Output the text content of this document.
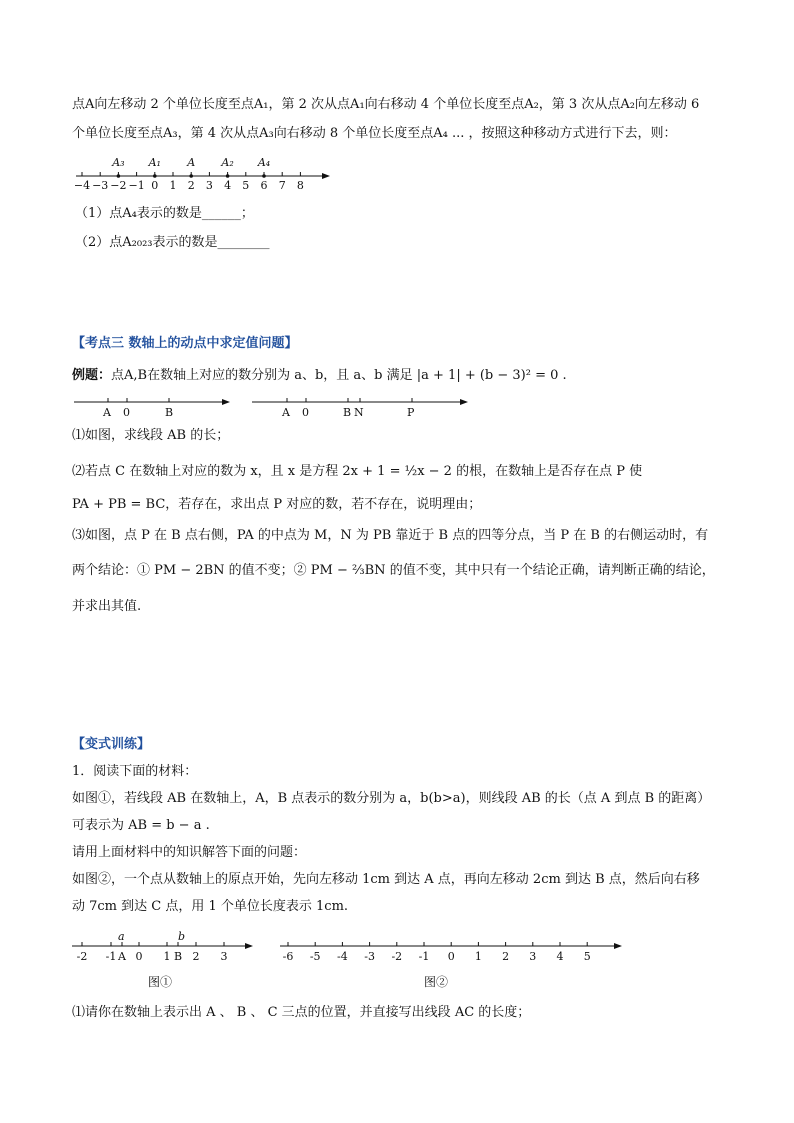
点A向左移动 2 个单位长度至点A₁，第 2 次从点A₁向右移动 4 个单位长度至点A₂，第 3 次从点A₂向左移动 6
个单位长度至点A₃，第 4 次从点A₃向右移动 8 个单位长度至点A₄ ... ，按照这种移动方式进行下去，则：
−4 −3 −2 −1 0 1 2 3 4 5 6 7 8
A₃ A₁ A A₂ A₄
（1）点A₄表示的数是______；
（2）点A₂₀₂₃表示的数是________
【考点三 数轴上的动点中求定值问题】
例题：点A,B在数轴上对应的数分别为 a、b，且 a、b 满足 |a + 1| + (b − 3)² = 0 .
A 0	B	A 0	B N	P
⑴如图，求线段 AB 的长；
⑵若点 C 在数轴上对应的数为 x，且 x 是方程 2x + 1 = ½x − 2 的根，在数轴上是否存在点 P 使
PA + PB = BC，若存在，求出点 P 对应的数，若不存在，说明理由；
⑶如图，点 P 在 B 点右侧，PA 的中点为 M，N 为 PB 靠近于 B 点的四等分点，当 P 在 B 的右侧运动时，有
两个结论：① PM − 2BN 的值不变；② PM − ⅔BN 的值不变，其中只有一个结论正确，请判断正确的结论，
并求出其值.
【变式训练】
1．阅读下面的材料：
如图①，若线段 AB 在数轴上，A，B 点表示的数分别为 a，b(b>a)，则线段 AB 的长（点 A 到点 B 的距离）
可表示为 AB = b − a .
请用上面材料中的知识解答下面的问题：
如图②，一个点从数轴上的原点开始，先向左移动 1cm 到达 A 点，再向左移动 2cm 到达 B 点，然后向右移
动 7cm 到达 C 点，用 1 个单位长度表示 1cm.
-2 -1 A 0 1 B 2 3
a	b
图①
-6 -5 -4 -3 -2 -1 0 1 2 3 4 5
图②
⑴请你在数轴上表示出 A 、 B 、 C 三点的位置，并直接写出线段 AC 的长度；
